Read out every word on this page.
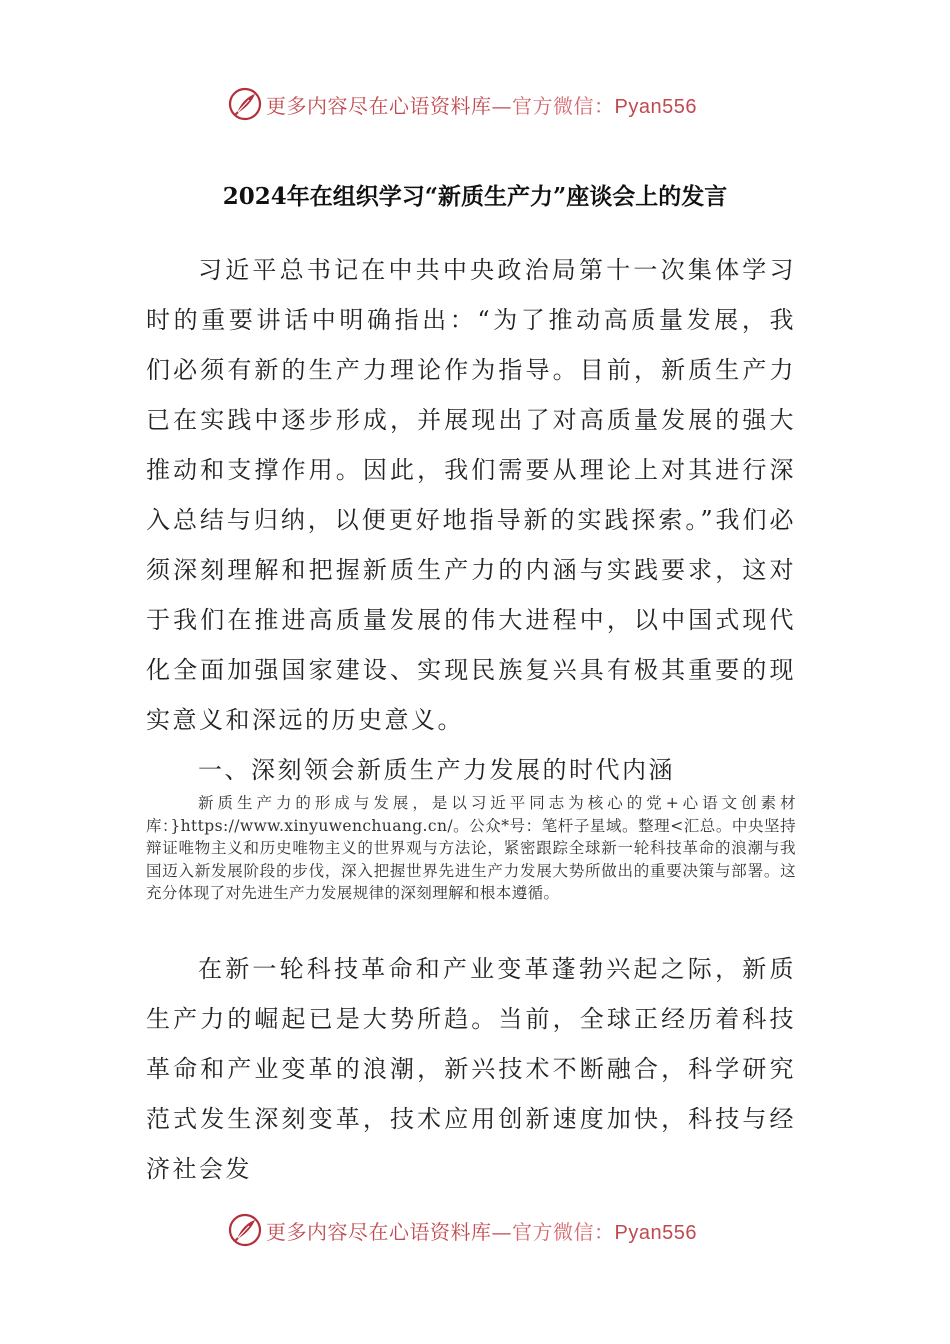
更多内容尽在心语资料库—官方微信：Pyan556
2024年在组织学习“新质生产力”座谈会上的发言

习近平总书记在中共中央政治局第十一次集体学习时的重要讲话中明确指出：“为了推动高质量发展，我们必须有新的生产力理论作为指导。目前，新质生产力已在实践中逐步形成，并展现出了对高质量发展的强大推动和支撑作用。因此，我们需要从理论上对其进行深入总结与归纳，以便更好地指导新的实践探索。”我们必须深刻理解和把握新质生产力的内涵与实践要求，这对于我们在推进高质量发展的伟大进程中，以中国式现代化全面加强国家建设、实现民族复兴具有极其重要的现实意义和深远的历史意义。

一、深刻领会新质生产力发展的时代内涵

新质生产力的形成与发展，是以习近平同志为核心的党+心语文创素材库：}https://www.xinyuwenchuang.cn/。公众*号：笔杆子星域。整理<汇总。中央坚持辩证唯物主义和历史唯物主义的世界观与方法论，紧密跟踪全球新一轮科技革命的浪潮与我国迈入新发展阶段的步伐，深入把握世界先进生产力发展大势所做出的重要决策与部署。这充分体现了对先进生产力发展规律的深刻理解和根本遵循。

在新一轮科技革命和产业变革蓬勃兴起之际，新质生产力的崛起已是大势所趋。当前，全球正经历着科技革命和产业变革的浪潮，新兴技术不断融合，科学研究范式发生深刻变革，技术应用创新速度加快，科技与经济社会发

更多内容尽在心语资料库—官方微信：Pyan556
